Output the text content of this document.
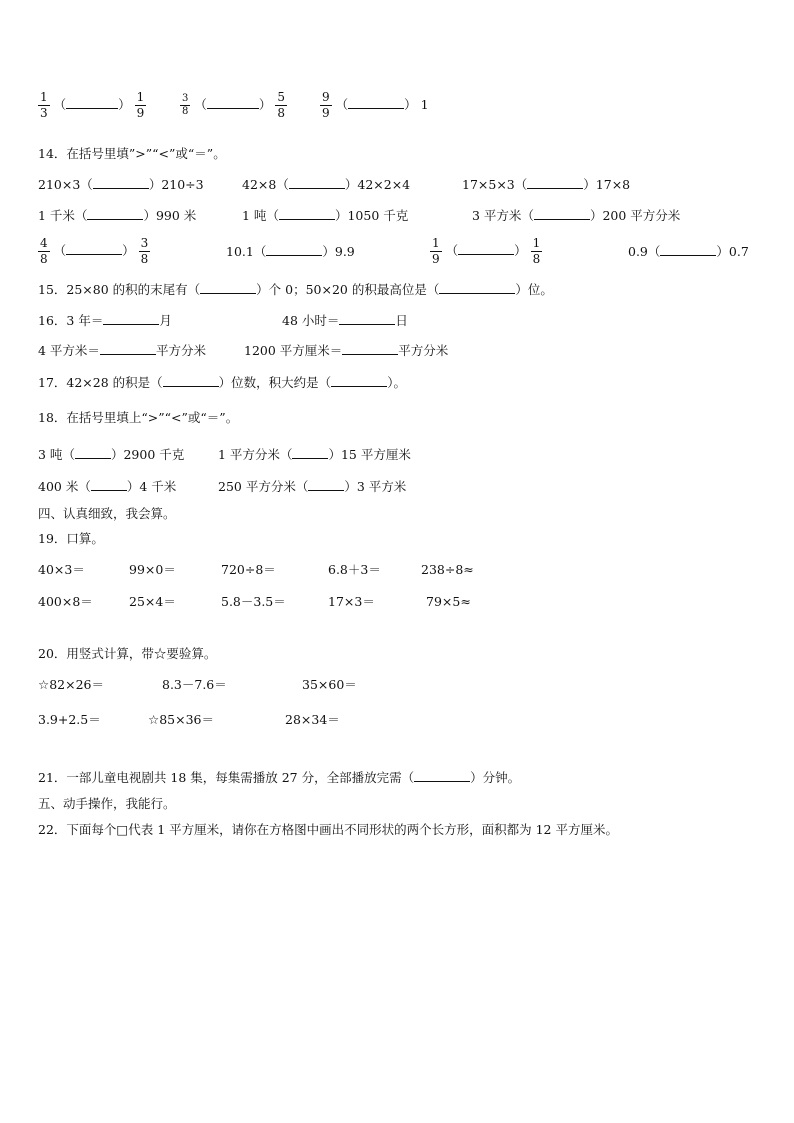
$\frac{1}{3}$ （	） $\frac{1}{9}$	$\frac{3}{8}$ （	） $\frac{5}{8}$	$\frac{9}{9}$ （	） 1
14．在括号里填”>”“<”或“＝”。
210×3（	）210÷3	42×8（	）42×2×4	17×5×3（	）17×8
1 千米（	）990 米	1 吨（	）1050 千克	3 平方米（	）200 平方分米
$\frac{4}{8}$ （	） $\frac{3}{8}$	10.1（	）9.9	$\frac{1}{9}$ （	） $\frac{1}{8}$	0.9（	）0.7
15．25×80 的积的末尾有（	）个 0；50×20 的积最高位是（	）位。
16．3 年＝	月	48 小时＝	日
4 平方米＝	平方分米	1200 平方厘米＝	平方分米
17．42×28 的积是（	）位数，积大约是（	）。
18．在括号里填上“>”“<”或“＝”。
3 吨（	）2900 千克	1 平方分米（	）15 平方厘米
400 米（	）4 千米	250 平方分米（	）3 平方米
四、认真细致，我会算。
19．口算。
40×3＝	99×0＝	720÷8＝	6.8＋3＝	238÷8≈
400×8＝	25×4＝	5.8－3.5＝	17×3＝	79×5≈
20．用竖式计算，带☆要验算。
☆82×26＝	8.3－7.6＝	35×60＝
3.9+2.5＝	☆85×36＝	28×34＝
21．一部儿童电视剧共 18 集，每集需播放 27 分，全部播放完需（	）分钟。
五、动手操作，我能行。
22．下面每个□代表 1 平方厘米，请你在方格图中画出不同形状的两个长方形，面积都为 12 平方厘米。
